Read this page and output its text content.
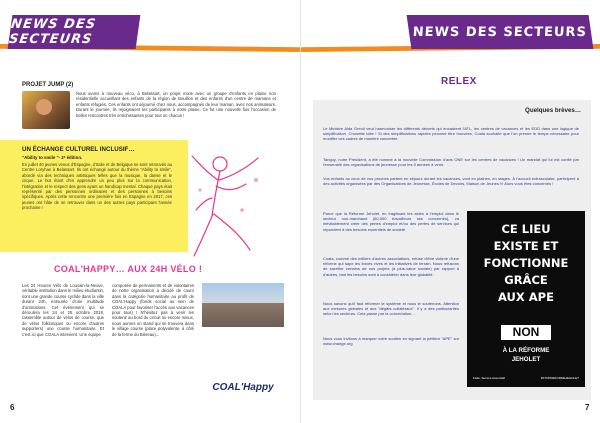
NEWS DES SECTEURS
PROJET JUMP (2)
Nous avons à nouveau vécu, à Belassart, un projet mixte avec un groupe d'enfants en plaine non résidentielle accueillant des enfants de la région de Bouillon et des enfants d'un centre de mamans et enfants réfugiés. Ces enfants ont séjourné chez nous, accompagnés de leur maman, avec nos animateurs. Durant le journée, ils rejoignaient les participants à notre plaine. Ce fut une nouvelle fois l'occasion de belles rencontres très enrichissantes pour tout un chacun !
UN ÉCHANGE CULTUREL INCLUSIF…
"Ability to smile "- 2ᵉ édition.
En juillet 40 jeunes venus d'Espagne, d'Italie et de Belgique se sont retrouvés au Centre Loryhan à Belassart. Ils ont échangé autour du thème "Ability to smile", abordé via des techniques artistiques telles que la musique, la danse et le cirque. Le but étant d'en apprendre un peu plus sur la communication, l'intégration et le respect des gens ayant un handicap mental. Chaque pays était représenté par des personnes ordinaires et des personnes à besoins spécifiques. Après cette rencontre une première fois en Espagne en 2017, ces jeunes ont hâte de se retrouver dans un des autres pays participant l'année prochaine !
COAL'HAPPY… AUX 24H VÉLO !
Les 24 Heures Vélo de Louvain-la-Neuve, véritable institution dans le milieu étudiantin, sont une grande course cyclide dans la ville durant 24h, entourée d'une multitude d'animations. Cet événement qui se déroulera les 24 et 25 octobre 2018, rassemble autour de vélos de course, que de vélos folkloriques ou encore d'autres supporters) une course humanitaire. Et c'est ici que COALA intervient. Une équipe
composée de permanents et de volontaires de notre organisation a décidé de courir dans la catégorie humanitaire au profit de COAL'Happy (fonds social au sein de COALA pour favoriser l'accès aux vacances pour tous) ! N'hésitez pas à venir les soutenir au bord du circuit ou encore mieux, nous aurons un stand qui se trouvera dans le village course (place polyvalente, à côté de la ferme du Biéreau)...
COAL'Happy
6
NEWS DES SECTEURS
RELEX
Quelques brèves…
Le Ministre Alda Greoli veut harmoniser les différents décrets qui encadrent l'ATL, les centres de vacances et les EDD dans une logique de simplification. Chouette idée ! Si des simplifications rapides peuvent être trouvées, Coala souhaite que l'on prenne le temps nécessaire pour modifier ces cadres de manière concertée.
Tanguy, notre Président, a été nommé à la nouvelle Commission d'avis ONE sur les centres de vacances ! Un mandat qui lui est confié par l'ensemble des organisations de jeunesse pour les 5 années à venir.
Vos enfants au ceux de vos proches partent en séjours durant les vacances, vont en plaines, en stages. À l'accueil extrascolaire, participent à des activités organisées par des Organisations de Jeunesse, Écoles de Devoirs, Maison de Jeunes !!! Alors vous êtes concernés !
Parce que la Réforme Jeholet, en fragilisant les aides à l'emploi dans le secteur non-marchand (60.000 travailleurs ses concernés), va inévitablement créer des pertes d'emploi et/ou des pertes de services qui répondent à des besoins essentiels de société.
Coala, comme des milliers d'autres associations, refuse d'être victime d'une réforme qui sape les forces vives et les initiatives de terrain. Nous refusons de sacrifier certains de nos projets (à plus-value sociale) par rapport à d'autres, tant les besoins sont à considérer dans leur globalité.
Nous savons qu'il faut réformer le système et nous le soutenons. Attention aux mesures globales et aux "dégâts collatéraux". Il y a des particularités selon les secteurs. Cela passe par la concertation...
Nous vous invitons à marquer votre soutien en signant la pétition "APE" sur www.change.org
CE LIEU
EXISTE ET
FONCTIONNE
GRÂCE
AUX APE
NON
À LA RÉFORME
JEHOLET
Fédé. Service Associatif	#STOPREFORMEJEHOLET
7
